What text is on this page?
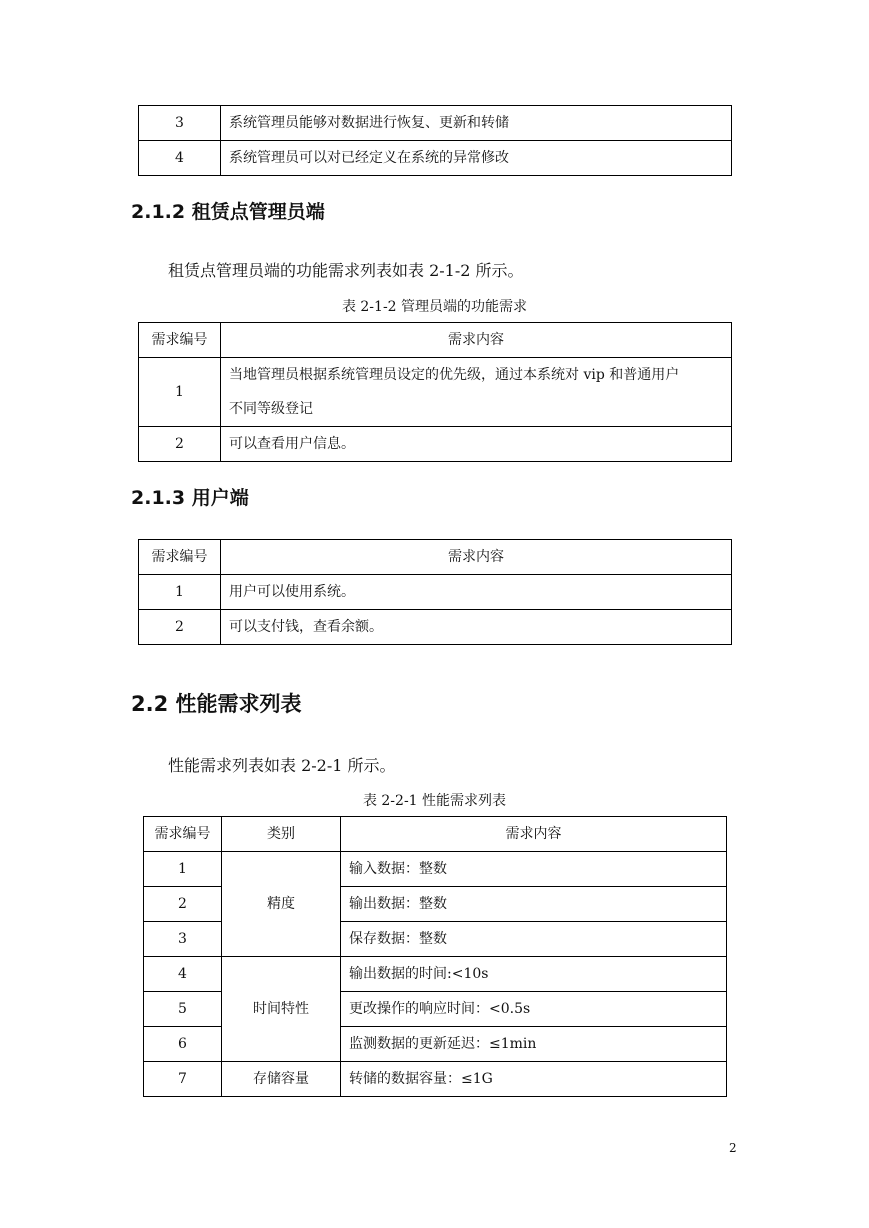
3	系统管理员能够对数据进行恢复、更新和转储
4	系统管理员可以对已经定义在系统的异常修改
2.1.2 租赁点管理员端
租赁点管理员端的功能需求列表如表 2-1-2 所示。
表 2-1-2 管理员端的功能需求
需求编号	需求内容
1	当地管理员根据系统管理员设定的优先级，通过本系统对 vip 和普通用户
不同等级登记

2	可以查看用户信息。
2.1.3 用户端
需求编号	需求内容
1	用户可以使用系统。
2	可以支付钱，查看余额。
2.2 性能需求列表
性能需求列表如表 2-2-1 所示。
表 2-2-1 性能需求列表
需求编号	类别	需求内容
1	精度	输入数据：整数
2		输出数据：整数
3		保存数据：整数
4	时间特性	输出数据的时间:<10s
5		更改操作的响应时间：<0.5s
6		监测数据的更新延迟：≤1min
7	存储容量	转储的数据容量：≤1G
2
